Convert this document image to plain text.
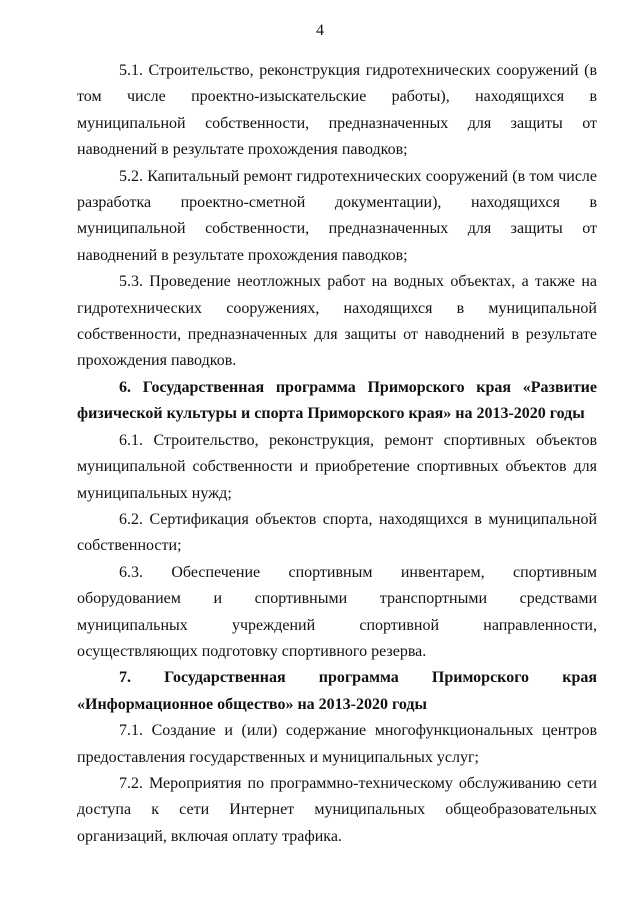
4

5.1. Строительство, реконструкция гидротехнических сооружений (в том числе проектно-изыскательские работы), находящихся в муниципальной собственности, предназначенных для защиты от наводнений в результате прохождения паводков;

5.2. Капитальный ремонт гидротехнических сооружений (в том числе разработка проектно-сметной документации), находящихся в муниципальной собственности, предназначенных для защиты от наводнений в результате прохождения паводков;

5.3. Проведение неотложных работ на водных объектах, а также на гидротехнических сооружениях, находящихся в муниципальной собственности, предназначенных для защиты от наводнений в результате прохождения паводков.

6. Государственная программа Приморского края «Развитие физической культуры и спорта Приморского края» на 2013-2020 годы

6.1. Строительство, реконструкция, ремонт спортивных объектов муниципальной собственности и приобретение спортивных объектов для муниципальных нужд;

6.2. Сертификация объектов спорта, находящихся в муниципальной собственности;

6.3. Обеспечение спортивным инвентарем, спортивным оборудованием и спортивными транспортными средствами муниципальных учреждений спортивной направленности, осуществляющих подготовку спортивного резерва.

7. Государственная программа Приморского края «Информационное общество» на 2013-2020 годы

7.1. Создание и (или) содержание многофункциональных центров предоставления государственных и муниципальных услуг;

7.2. Мероприятия по программно-техническому обслуживанию сети доступа к сети Интернет муниципальных общеобразовательных организаций, включая оплату трафика.
